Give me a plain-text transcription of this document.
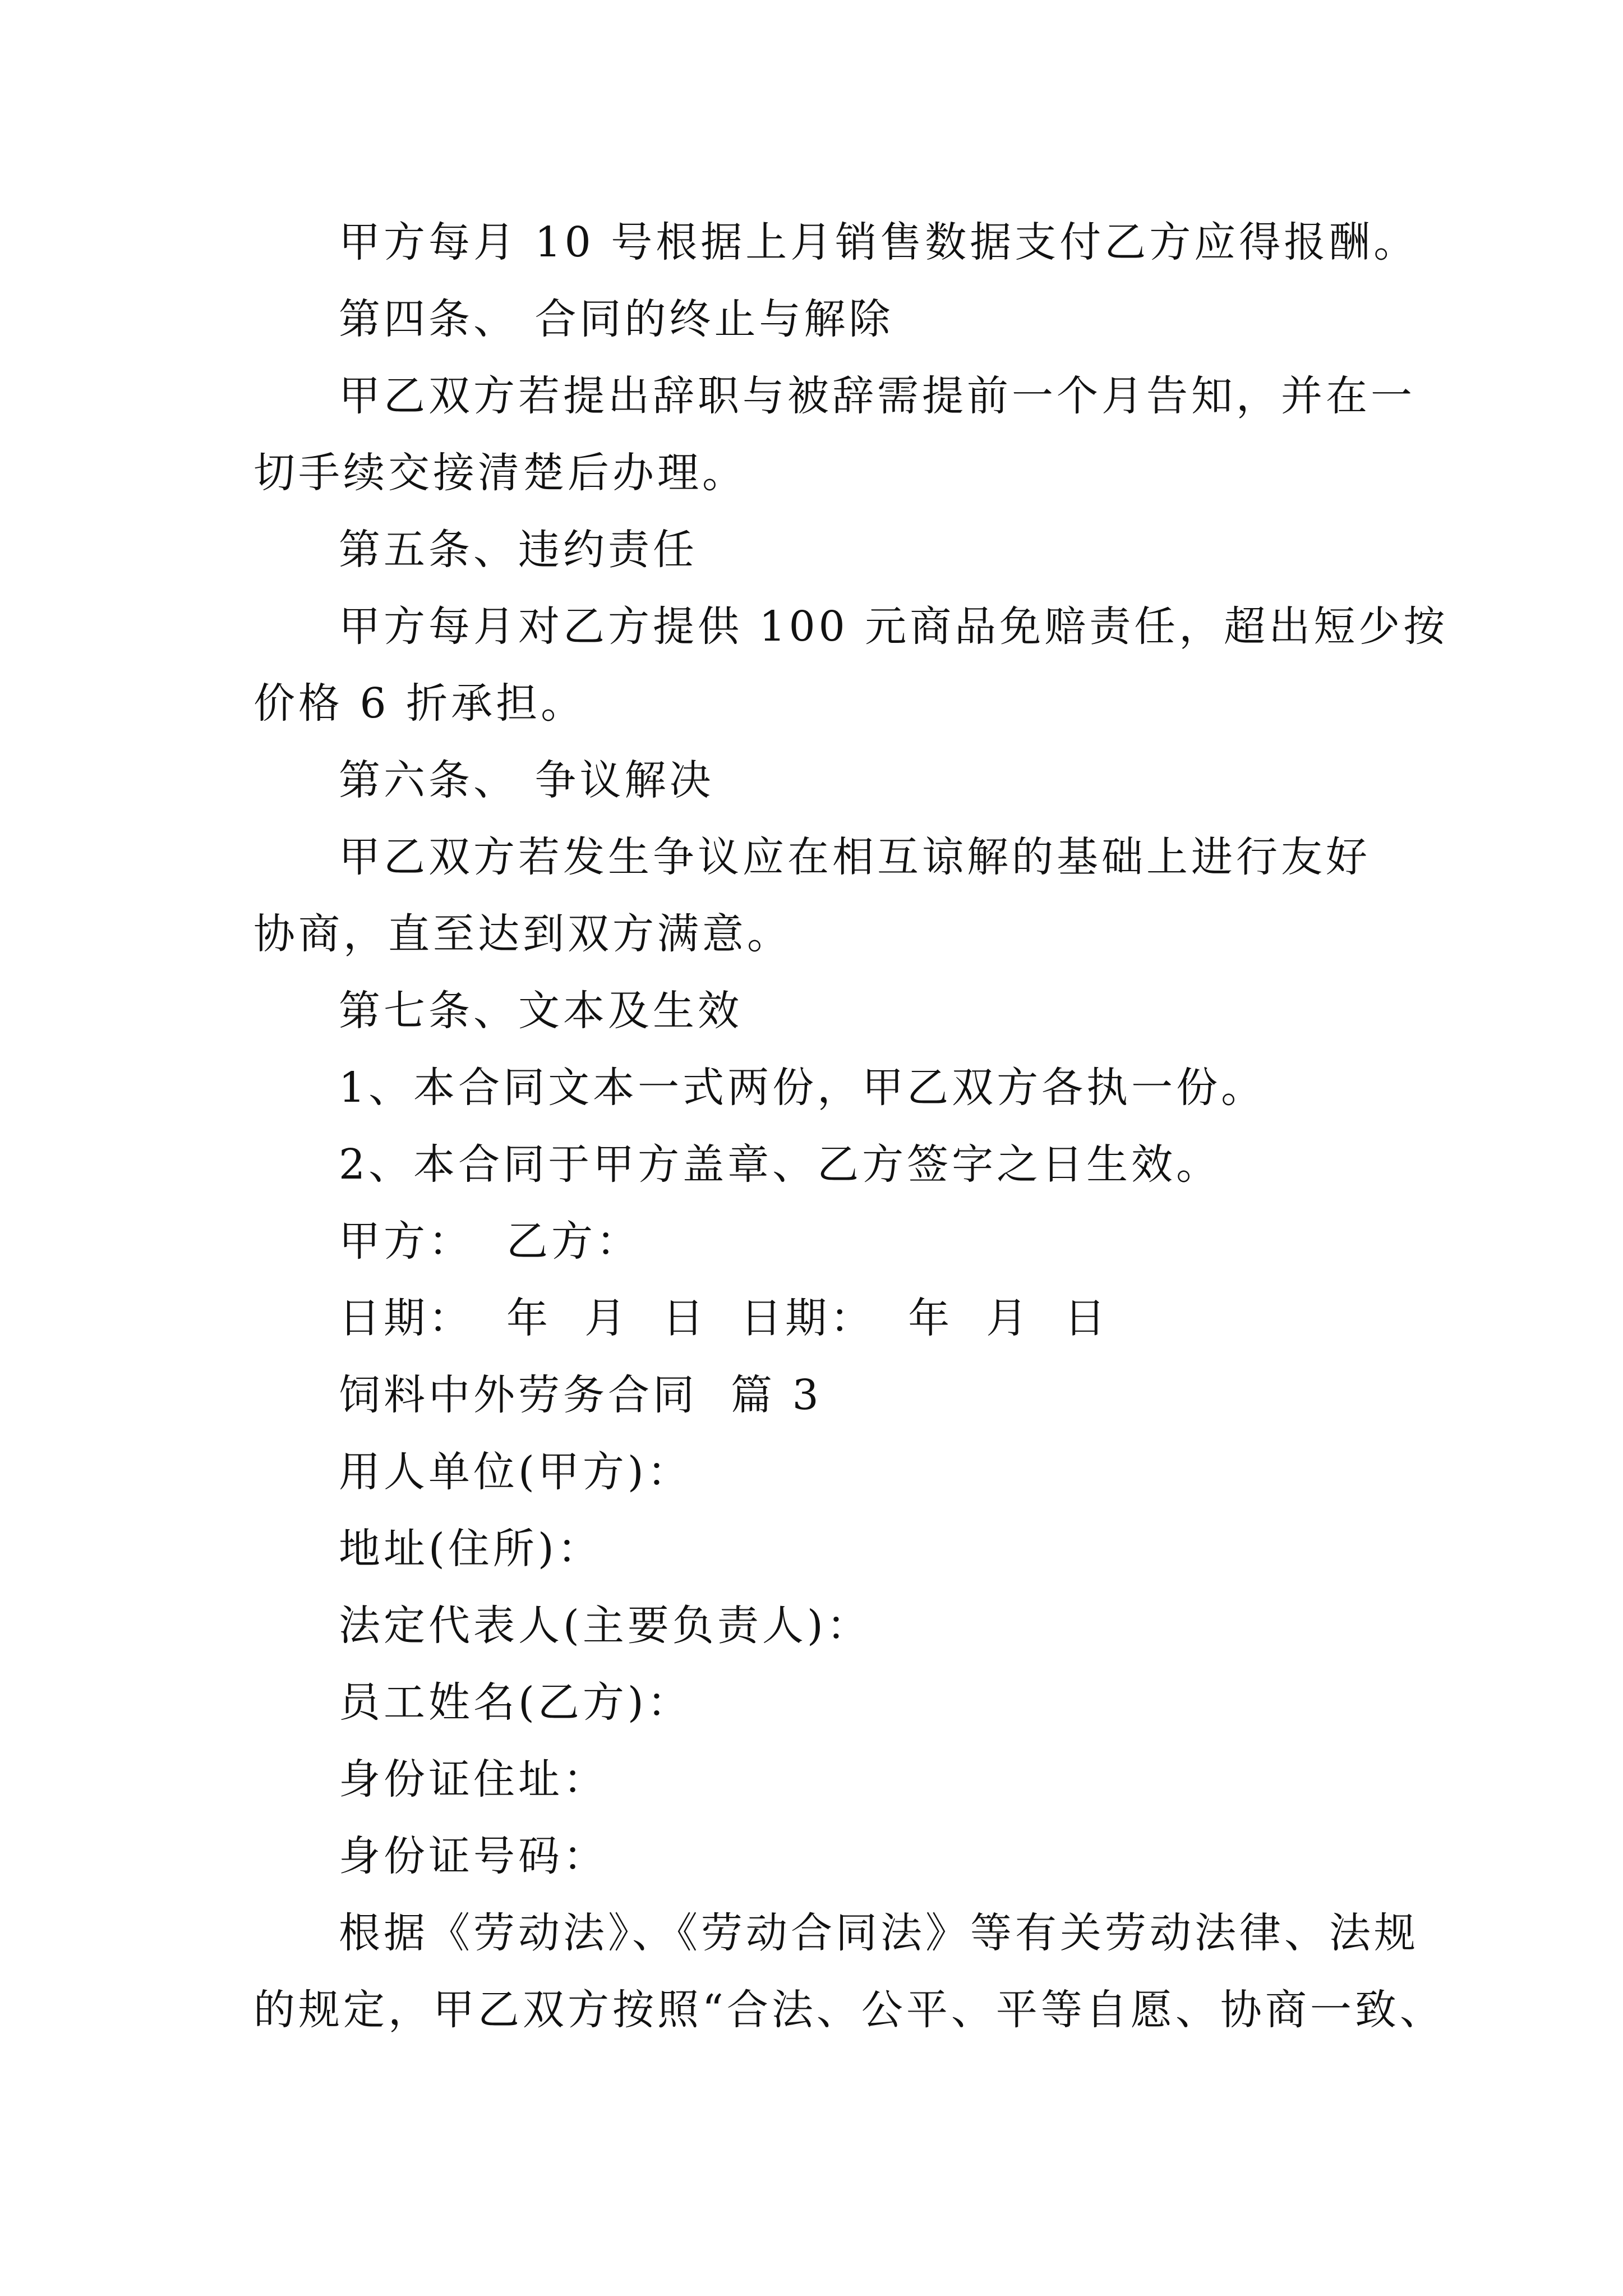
甲方每月 10 号根据上月销售数据支付乙方应得报酬。

第四条、 合同的终止与解除

甲乙双方若提出辞职与被辞需提前一个月告知，并在一

切手续交接清楚后办理。

第五条、违约责任

甲方每月对乙方提供 100 元商品免赔责任，超出短少按

价格 6 折承担。

第六条、 争议解决

甲乙双方若发生争议应在相互谅解的基础上进行友好

协商，直至达到双方满意。

第七条、文本及生效

1、本合同文本一式两份，甲乙双方各执一份。

2、本合同于甲方盖章、乙方签字之日生效。

甲方：  乙方：

日期：  年  月  日  日期：  年  月  日

饲料中外劳务合同  篇 3

用人单位(甲方)：

地址(住所)：

法定代表人(主要负责人)：

员工姓名(乙方)：

身份证住址：

身份证号码：

根据《劳动法》、《劳动合同法》等有关劳动法律、法规

的规定，甲乙双方按照“合法、公平、平等自愿、协商一致、
